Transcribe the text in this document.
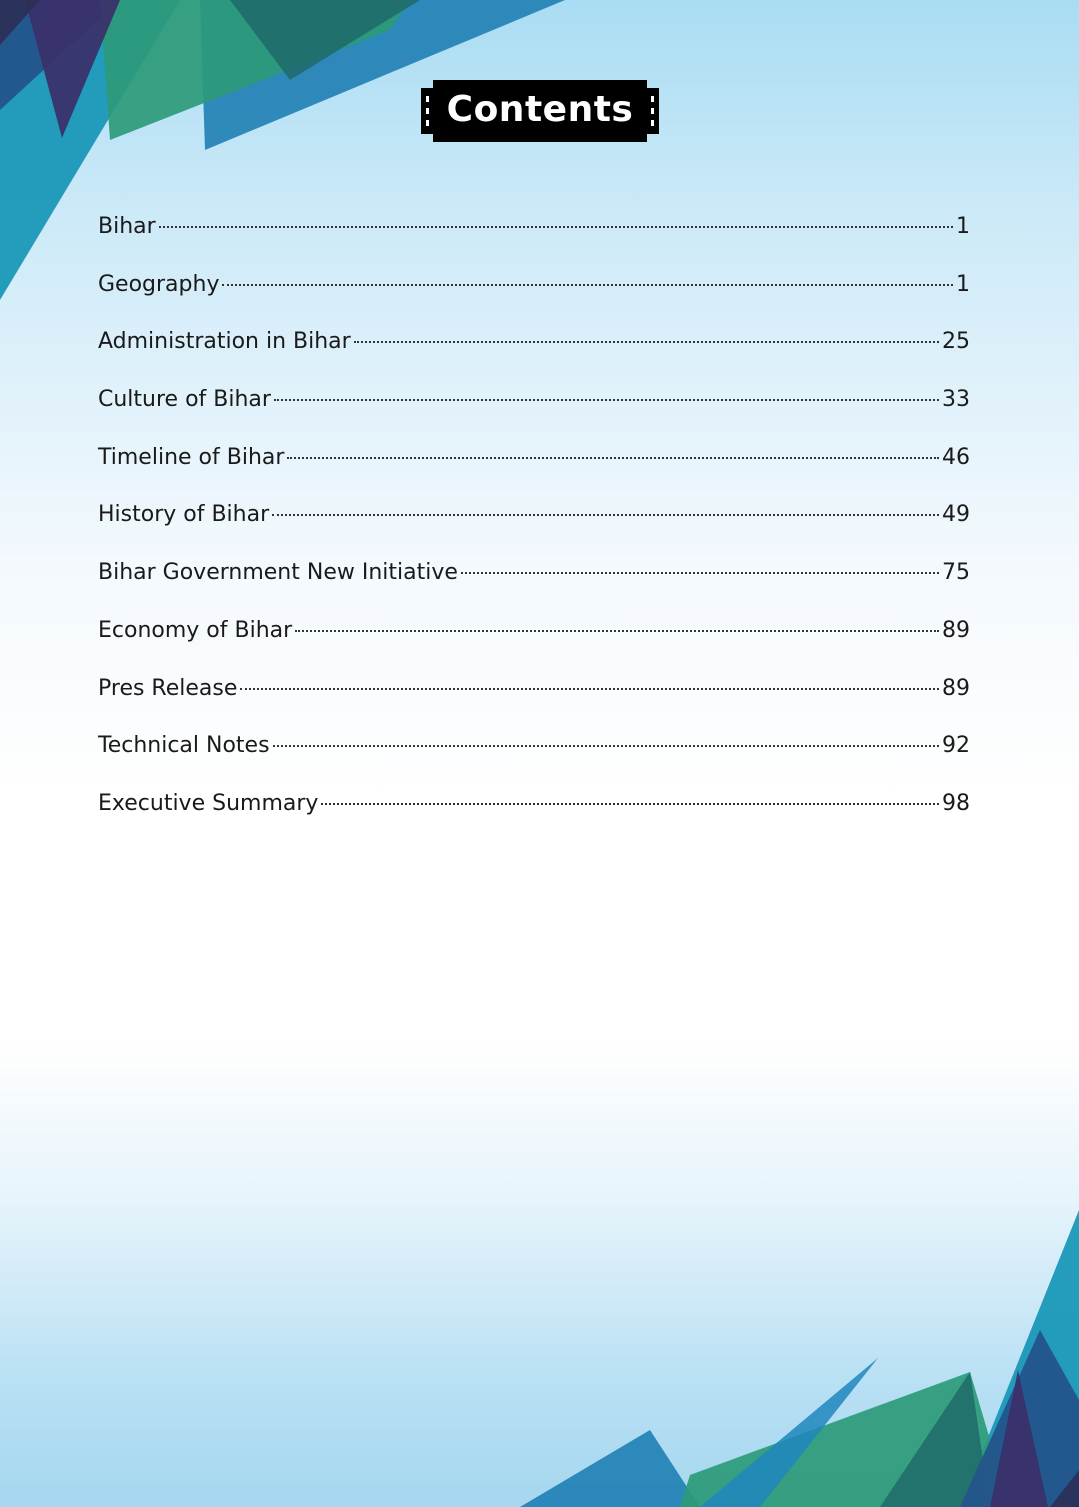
Contents
Bihar	1
Geography	1
Administration in Bihar	25
Culture of Bihar	33
Timeline of Bihar	46
History of Bihar	49
Bihar Government New Initiative	75
Economy of Bihar	89
Pres Release	89
Technical Notes	92
Executive Summary	98
